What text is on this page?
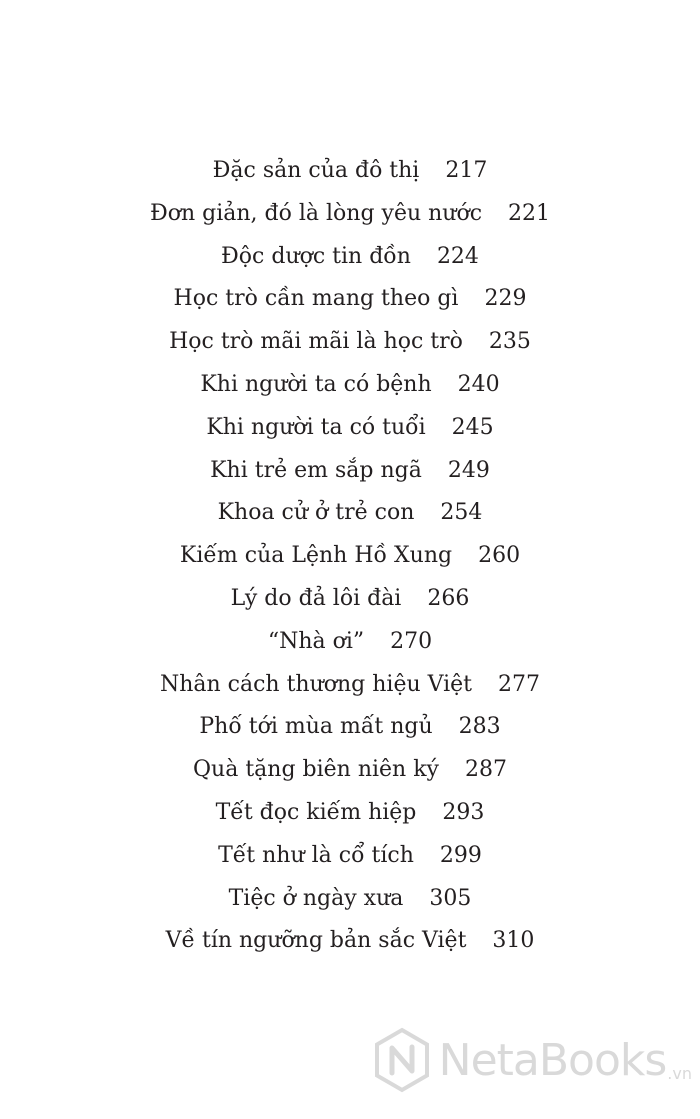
Đặc sản của đô thị 217
Đơn giản, đó là lòng yêu nước 221
Độc dược tin đồn 224
Học trò cần mang theo gì 229
Học trò mãi mãi là học trò 235
Khi người ta có bệnh 240
Khi người ta có tuổi 245
Khi trẻ em sắp ngã 249
Khoa cử ở trẻ con 254
Kiếm của Lệnh Hồ Xung 260
Lý do đả lôi đài 266
“Nhà ơi” 270
Nhân cách thương hiệu Việt 277
Phố tới mùa mất ngủ 283
Quà tặng biên niên ký 287
Tết đọc kiếm hiệp 293
Tết như là cổ tích 299
Tiệc ở ngày xưa 305
Về tín ngưỡng bản sắc Việt 310
NetaBooks .vn
